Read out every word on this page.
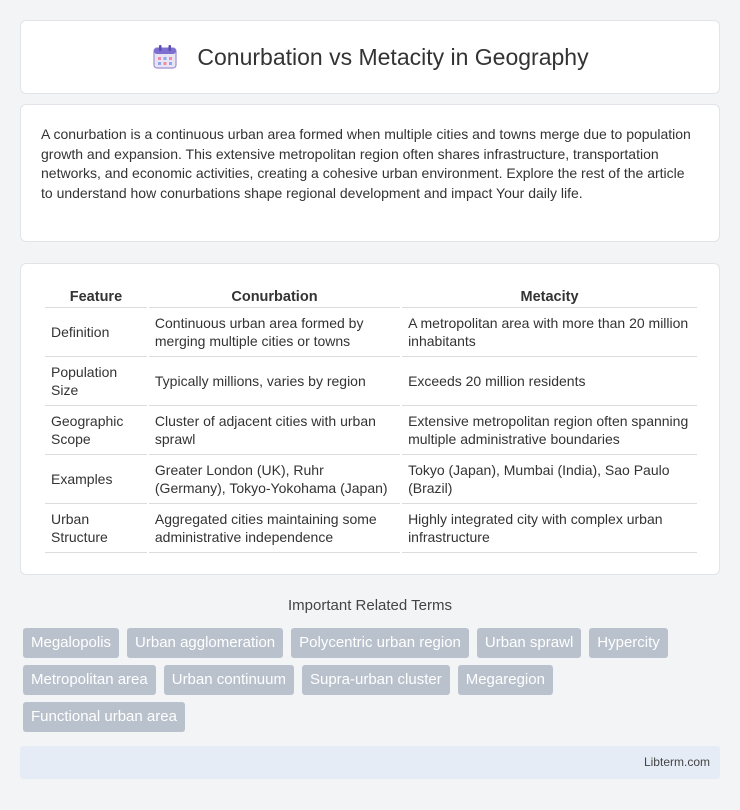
Conurbation vs Metacity in Geography

A conurbation is a continuous urban area formed when multiple cities and towns merge due to population growth and expansion. This extensive metropolitan region often shares infrastructure, transportation networks, and economic activities, creating a cohesive urban environment. Explore the rest of the article to understand how conurbations shape regional development and impact Your daily life.

Feature	Conurbation	Metacity
Definition	Continuous urban area formed by merging multiple cities or towns	A metropolitan area with more than 20 million inhabitants
Population Size	Typically millions, varies by region	Exceeds 20 million residents
Geographic Scope	Cluster of adjacent cities with urban sprawl	Extensive metropolitan region often spanning multiple administrative boundaries
Examples	Greater London (UK), Ruhr (Germany), Tokyo-Yokohama (Japan)	Tokyo (Japan), Mumbai (India), Sao Paulo (Brazil)
Urban Structure	Aggregated cities maintaining some administrative independence	Highly integrated city with complex urban infrastructure
Important Related Terms
Megalopolis	Urban agglomeration	Polycentric urban region	Urban sprawl	Hypercity
Metropolitan area	Urban continuum	Supra-urban cluster	Megaregion
Functional urban area
Libterm.com
